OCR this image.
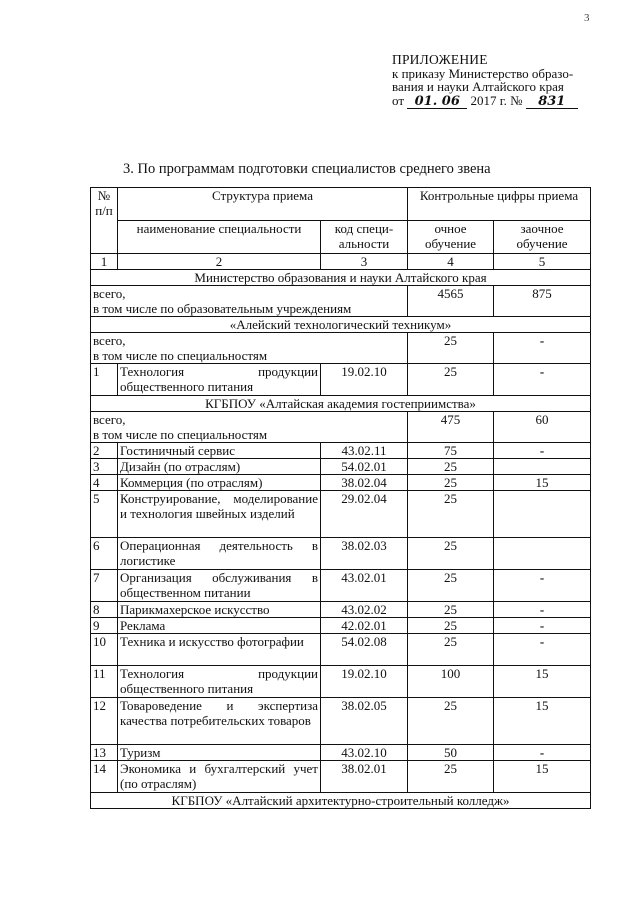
3
ПРИЛОЖЕНИЕ
к приказу Министерство образо-
вания и науки Алтайского края
от 01. 06 2017 г. № 831
3. По программам подготовки специалистов среднего звена
№ п/п	Структура приема		Контрольные цифры приема	
	наименование специальности	код специ-альности	очное обучение	заочное обучение
1	2	3	4	5
Министерство образования и науки Алтайского края				
всего,
в том числе по образовательным учреждениям			4565	875
«Алейский технологический техникум»				
всего,
в том числе по специальностям			25	-
1	Технология продукции общественного питания	19.02.10	25	-
КГБПОУ «Алтайская академия гостеприимства»				
всего,
в том числе по специальностям			475	60
2	Гостиничный сервис	43.02.11	75	-
3	Дизайн (по отраслям)	54.02.01	25	
4	Коммерция (по отраслям)	38.02.04	25	15
5	Конструирование, моделирование и технология швейных изделий	29.02.04	25	
6	Операционная деятельность в логистике	38.02.03	25	
7	Организация обслуживания в общественном питании	43.02.01	25	-
8	Парикмахерское искусство	43.02.02	25	-
9	Реклама	42.02.01	25	-
10	Техника и искусство фотографии	54.02.08	25	-
11	Технология продукции общественного питания	19.02.10	100	15
12	Товароведение и экспертиза качества потребительских товаров	38.02.05	25	15
13	Туризм	43.02.10	50	-
14	Экономика и бухгалтерский учет (по отраслям)	38.02.01	25	15
КГБПОУ «Алтайский архитектурно-строительный колледж»				
